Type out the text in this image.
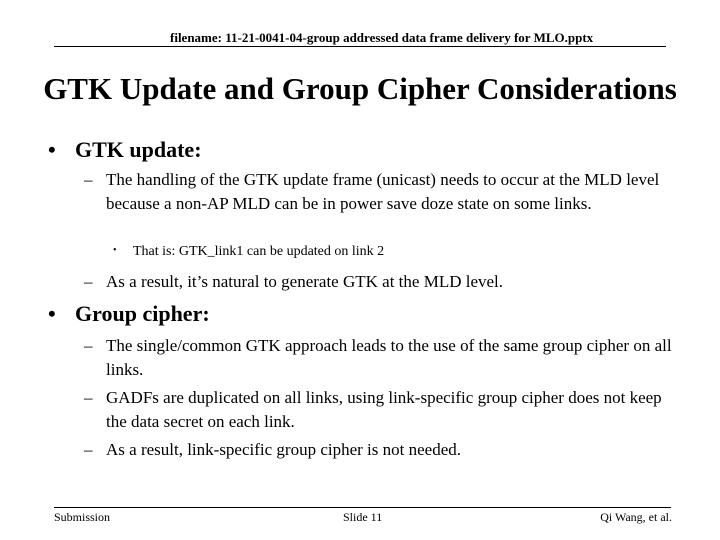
filename: 11-21-0041-04-group addressed data frame delivery for MLO.pptx
GTK Update and Group Cipher Considerations
• GTK update:
– The handling of the GTK update frame (unicast) needs to occur at the MLD level because a non-AP MLD can be in power save doze state on some links.
• That is: GTK_link1 can be updated on link 2
– As a result, it’s natural to generate GTK at the MLD level.
• Group cipher:
– The single/common GTK approach leads to the use of the same group cipher on all links.
– GADFs are duplicated on all links, using link-specific group cipher does not keep the data secret on each link.
– As a result, link-specific group cipher is not needed.
Submission	Slide 11	Qi Wang, et al.
